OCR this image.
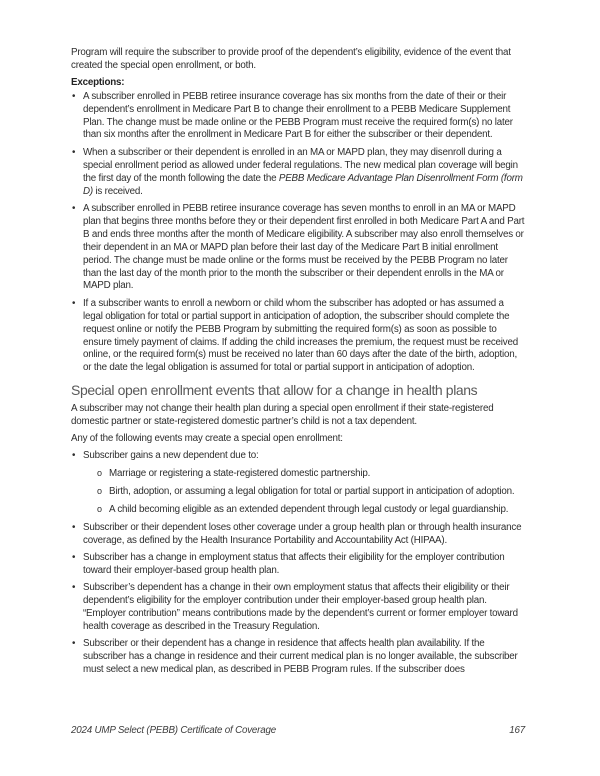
Program will require the subscriber to provide proof of the dependent’s eligibility, evidence of the event that created the special open enrollment, or both.

Exceptions:

• A subscriber enrolled in PEBB retiree insurance coverage has six months from the date of their or their dependent’s enrollment in Medicare Part B to change their enrollment to a PEBB Medicare Supplement Plan. The change must be made online or the PEBB Program must receive the required form(s) no later than six months after the enrollment in Medicare Part B for either the subscriber or their dependent.
• When a subscriber or their dependent is enrolled in an MA or MAPD plan, they may disenroll during a special enrollment period as allowed under federal regulations. The new medical plan coverage will begin the first day of the month following the date the PEBB Medicare Advantage Plan Disenrollment Form (form D) is received.
• A subscriber enrolled in PEBB retiree insurance coverage has seven months to enroll in an MA or MAPD plan that begins three months before they or their dependent first enrolled in both Medicare Part A and Part B and ends three months after the month of Medicare eligibility. A subscriber may also enroll themselves or their dependent in an MA or MAPD plan before their last day of the Medicare Part B initial enrollment period. The change must be made online or the forms must be received by the PEBB Program no later than the last day of the month prior to the month the subscriber or their dependent enrolls in the MA or MAPD plan.
• If a subscriber wants to enroll a newborn or child whom the subscriber has adopted or has assumed a legal obligation for total or partial support in anticipation of adoption, the subscriber should complete the request online or notify the PEBB Program by submitting the required form(s) as soon as possible to ensure timely payment of claims. If adding the child increases the premium, the request must be received online, or the required form(s) must be received no later than 60 days after the date of the birth, adoption, or the date the legal obligation is assumed for total or partial support in anticipation of adoption.
Special open enrollment events that allow for a change in health plans

A subscriber may not change their health plan during a special open enrollment if their state-registered domestic partner or state-registered domestic partner’s child is not a tax dependent.

Any of the following events may create a special open enrollment:

• Subscriber gains a new dependent due to:
o Marriage or registering a state-registered domestic partnership.
o Birth, adoption, or assuming a legal obligation for total or partial support in anticipation of adoption.
o A child becoming eligible as an extended dependent through legal custody or legal guardianship.
• Subscriber or their dependent loses other coverage under a group health plan or through health insurance coverage, as defined by the Health Insurance Portability and Accountability Act (HIPAA).
• Subscriber has a change in employment status that affects their eligibility for the employer contribution toward their employer-based group health plan.
• Subscriber’s dependent has a change in their own employment status that affects their eligibility or their dependent’s eligibility for the employer contribution under their employer-based group health plan. “Employer contribution” means contributions made by the dependent’s current or former employer toward health coverage as described in the Treasury Regulation.
• Subscriber or their dependent has a change in residence that affects health plan availability. If the subscriber has a change in residence and their current medical plan is no longer available, the subscriber must select a new medical plan, as described in PEBB Program rules. If the subscriber does
2024 UMP Select (PEBB) Certificate of Coverage	167
